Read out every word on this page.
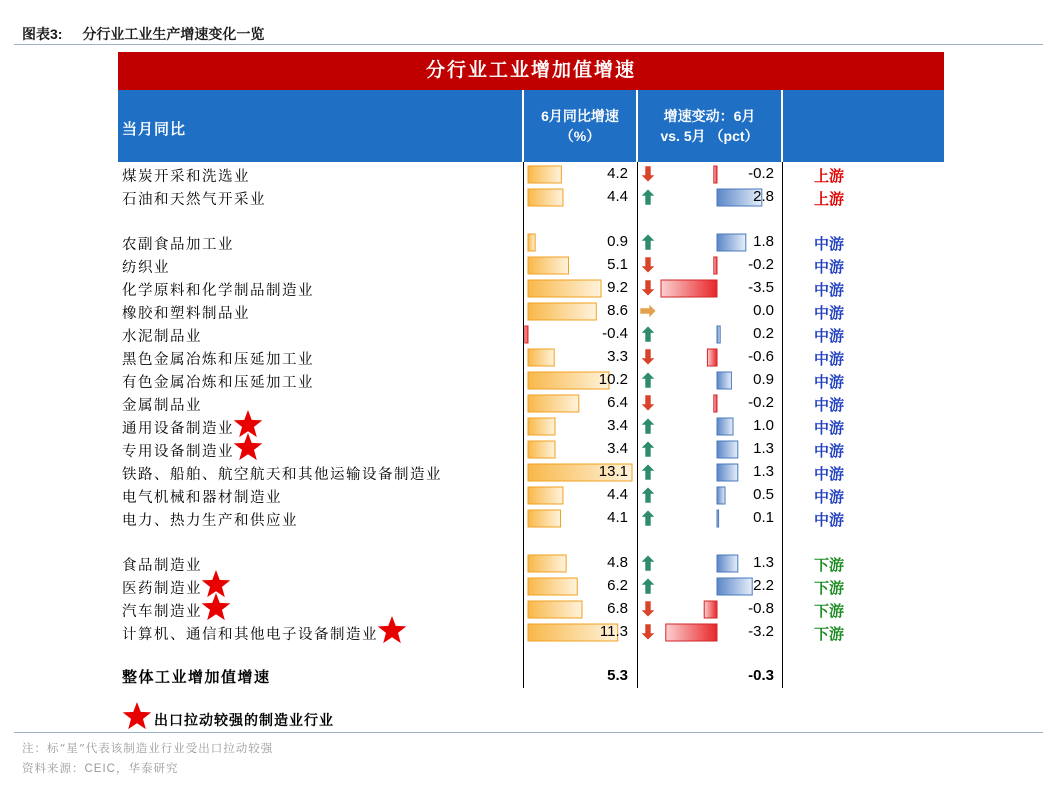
图表3: 分行业工业生产增速变化一览
分行业工业增加值增速
当月同比
6月同比增速
（%）
增速变动：6月
vs. 5月 （pct）
煤炭开采和洗选业	4.2	-0.2	上游
石油和天然气开采业	4.4	2.8	上游
农副食品加工业	0.9	1.8	中游
纺织业	5.1	-0.2	中游
化学原料和化学制品制造业	9.2	-3.5	中游
橡胶和塑料制品业	8.6	0.0	中游
水泥制品业	-0.4	0.2	中游
黑色金属冶炼和压延加工业	3.3	-0.6	中游
有色金属冶炼和压延加工业	10.2	0.9	中游
金属制品业	6.4	-0.2	中游
通用设备制造业	3.4	1.0	中游
专用设备制造业	3.4	1.3	中游
铁路、船舶、航空航天和其他运输设备制造业	13.1	1.3	中游
电气机械和器材制造业	4.4	0.5	中游
电力、热力生产和供应业	4.1	0.1	中游
食品制造业	4.8	1.3	下游
医药制造业	6.2	2.2	下游
汽车制造业	6.8	-0.8	下游
计算机、通信和其他电子设备制造业	11.3	-3.2	下游
整体工业增加值增速	5.3	-0.3
出口拉动较强的制造业行业
注：标“星”代表该制造业行业受出口拉动较强
资料来源：CEIC，华泰研究
